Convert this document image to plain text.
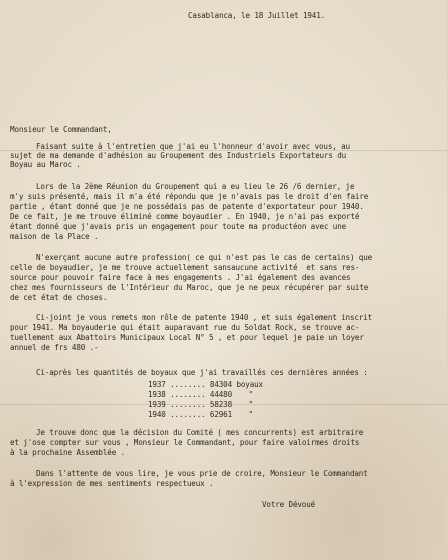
Casablanca, le 18 Juillet 1941.
Monsieur le Commandant,
Faisant suite à l'entretien que j'ai eu l'honneur d'avoir avec vous, au
sujet de ma demande d'adhésion au Groupement des Industriels Exportateurs du
Boyau au Maroc .
Lors de la 2ème Réunion du Groupement qui a eu lieu le 26 /6 dernier, je
m'y suis présenté, mais il m'a été répondu que je n'avais pas le droit d'en faire
partie , étant donné que je ne possédais pas de patente d'exportateur pour 1940.
De ce fait, je me trouve éliminé comme boyaudier . En 1940, je n'ai pas exporté
étant donné que j'avais pris un engagement pour toute ma productéon avec une
maison de la Place .
N'exerçant aucune autre profession( ce qui n'est pas le cas de certains) que
celle de boyaudier, je me trouve actuellement sansaucune activité  et sans res-
source pour pouvoir faire face à mes engagements . J'ai également des avances
chez mes fournisseurs de l'Intérieur du Maroc, que je ne peux récupérer par suite
de cet état de choses.
Ci-joint je vous remets mon rôle de patente 1940 , et suis également inscrit
pour 1941. Ma boyauderie qui était auparavant rue du Soldat Rock, se trouve ac-
tuellement aux Abattoirs Municipaux Local N° 5 , et pour lequel je paie un loyer
annuel de frs 480 .-
Ci-après les quantités de boyaux que j'ai travaillés ces dernières années :
1937 ........ 84304 boyaux
1938 ........ 44480 "
1939 ........ 58238 "
1940 ........ 62961 "
Je trouve donc que la décision du Comité ( mes concurrents) est arbitraire
et j'ose compter sur vous , Monsieur le Commandant, pour faire valoirmes droits
à la prochaine Assemblée .
Dans l'attente de vous lire, je vous prie de croire, Monsieur le Commandant
à l'expression de mes sentiments respectueux .
Votre Dévoué
